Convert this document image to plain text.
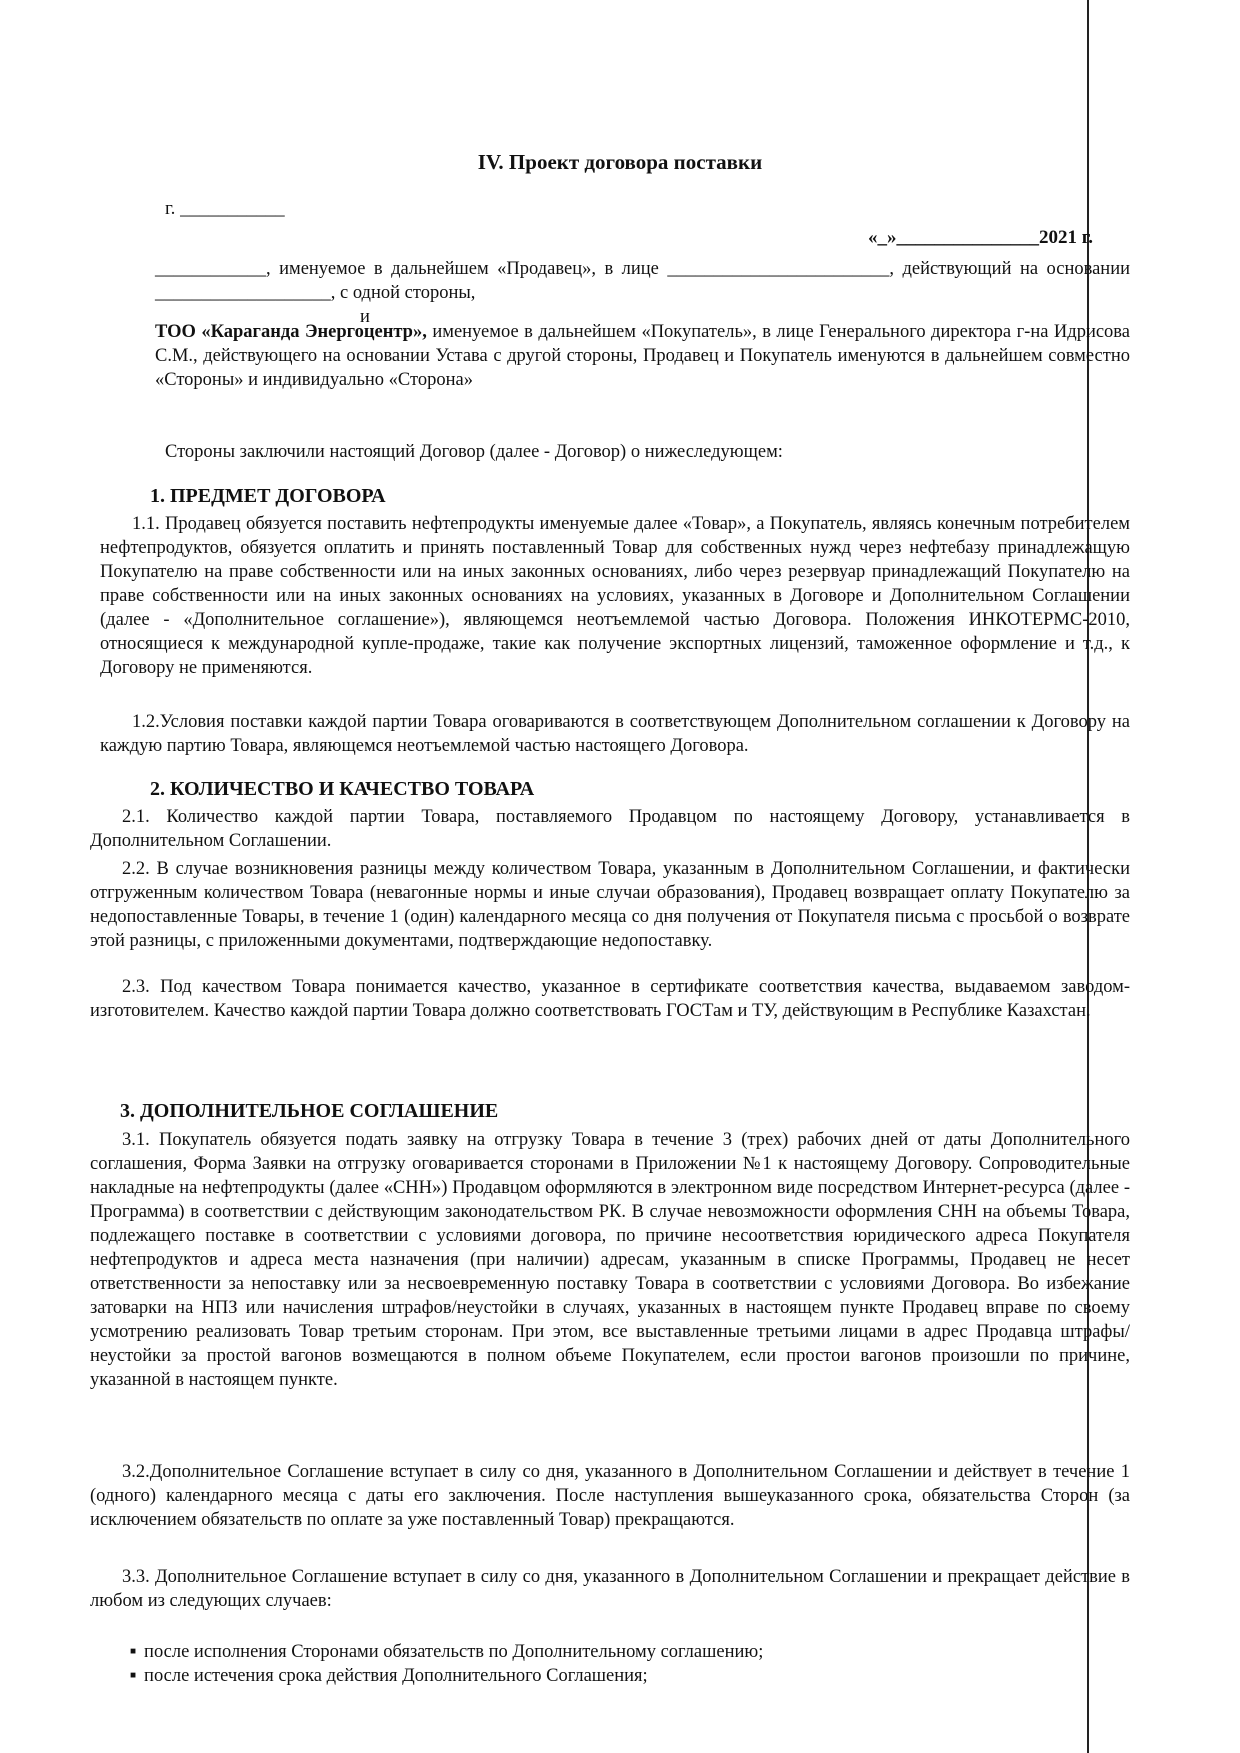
IV. Проект договора поставки
г. ___________
«_»_______________2021 г.
____________, именуемое в дальнейшем «Продавец», в лице ________________________, действующий на основании ___________________, с одной стороны,
и
ТОО «Караганда Энергоцентр», именуемое в дальнейшем «Покупатель», в лице Генерального директора г-на Идрисова С.М., действующего на основании Устава с другой стороны, Продавец и Покупатель именуются в дальнейшем совместно «Стороны» и индивидуально «Сторона»
Стороны заключили настоящий Договор (далее - Договор) о нижеследующем:
1. ПРЕДМЕТ ДОГОВОРА
1.1. Продавец обязуется поставить нефтепродукты именуемые далее «Товар», а Покупатель, являясь конечным потребителем нефтепродуктов, обязуется оплатить и принять поставленный Товар для собственных нужд через нефтебазу принадлежащую Покупателю на праве собственности или на иных законных основаниях, либо через резервуар принадлежащий Покупателю на праве собственности или на иных законных основаниях на условиях, указанных в Договоре и Дополнительном Соглашении (далее - «Дополнительное соглашение»), являющемся неотъемлемой частью Договора. Положения ИНКОТЕРМС-2010, относящиеся к международной купле-продаже, такие как получение экспортных лицензий, таможенное оформление и т.д., к Договору не применяются.
1.2.Условия поставки каждой партии Товара оговариваются в соответствующем Дополнительном соглашении к Договору на каждую партию Товара, являющемся неотъемлемой частью настоящего Договора.
2. КОЛИЧЕСТВО И КАЧЕСТВО ТОВАРА
2.1. Количество каждой партии Товара, поставляемого Продавцом по настоящему Договору, устанавливается в Дополнительном Соглашении.
2.2. В случае возникновения разницы между количеством Товара, указанным в Дополнительном Соглашении, и фактически отгруженным количеством Товара (невагонные нормы и иные случаи образования), Продавец возвращает оплату Покупателю за недопоставленные Товары, в течение 1 (один) календарного месяца со дня получения от Покупателя письма с просьбой о возврате этой разницы, с приложенными документами, подтверждающие недопоставку.
2.3. Под качеством Товара понимается качество, указанное в сертификате соответствия качества, выдаваемом заводом-изготовителем. Качество каждой партии Товара должно соответствовать ГОСТам и ТУ, действующим в Республике Казахстан.
3. ДОПОЛНИТЕЛЬНОЕ СОГЛАШЕНИЕ
3.1. Покупатель обязуется подать заявку на отгрузку Товара в течение 3 (трех) рабочих дней от даты Дополнительного соглашения, Форма Заявки на отгрузку оговаривается сторонами в Приложении №1 к настоящему Договору. Сопроводительные накладные на нефтепродукты (далее «СНН») Продавцом оформляются в электронном виде посредством Интернет-ресурса (далее - Программа) в соответствии с действующим законодательством РК. В случае невозможности оформления СНН на объемы Товара, подлежащего поставке в соответствии с условиями договора, по причине несоответствия юридического адреса Покупателя нефтепродуктов и адреса места назначения (при наличии) адресам, указанным в списке Программы, Продавец не несет ответственности за непоставку или за несвоевременную поставку Товара в соответствии с условиями Договора. Во избежание затоварки на НПЗ или начисления штрафов/неустойки в случаях, указанных в настоящем пункте Продавец вправе по своему усмотрению реализовать Товар третьим сторонам. При этом, все выставленные третьими лицами в адрес Продавца штрафы/неустойки за простой вагонов возмещаются в полном объеме Покупателем, если простои вагонов произошли по причине, указанной в настоящем пункте.
3.2.Дополнительное Соглашение вступает в силу со дня, указанного в Дополнительном Соглашении и действует в течение 1 (одного) календарного месяца с даты его заключения. После наступления вышеуказанного срока, обязательства Сторон (за исключением обязательств по оплате за уже поставленный Товар) прекращаются.
3.3. Дополнительное Соглашение вступает в силу со дня, указанного в Дополнительном Соглашении и прекращает действие в любом из следующих случаев:
■ после исполнения Сторонами обязательств по Дополнительному соглашению;
■ после истечения срока действия Дополнительного Соглашения;
